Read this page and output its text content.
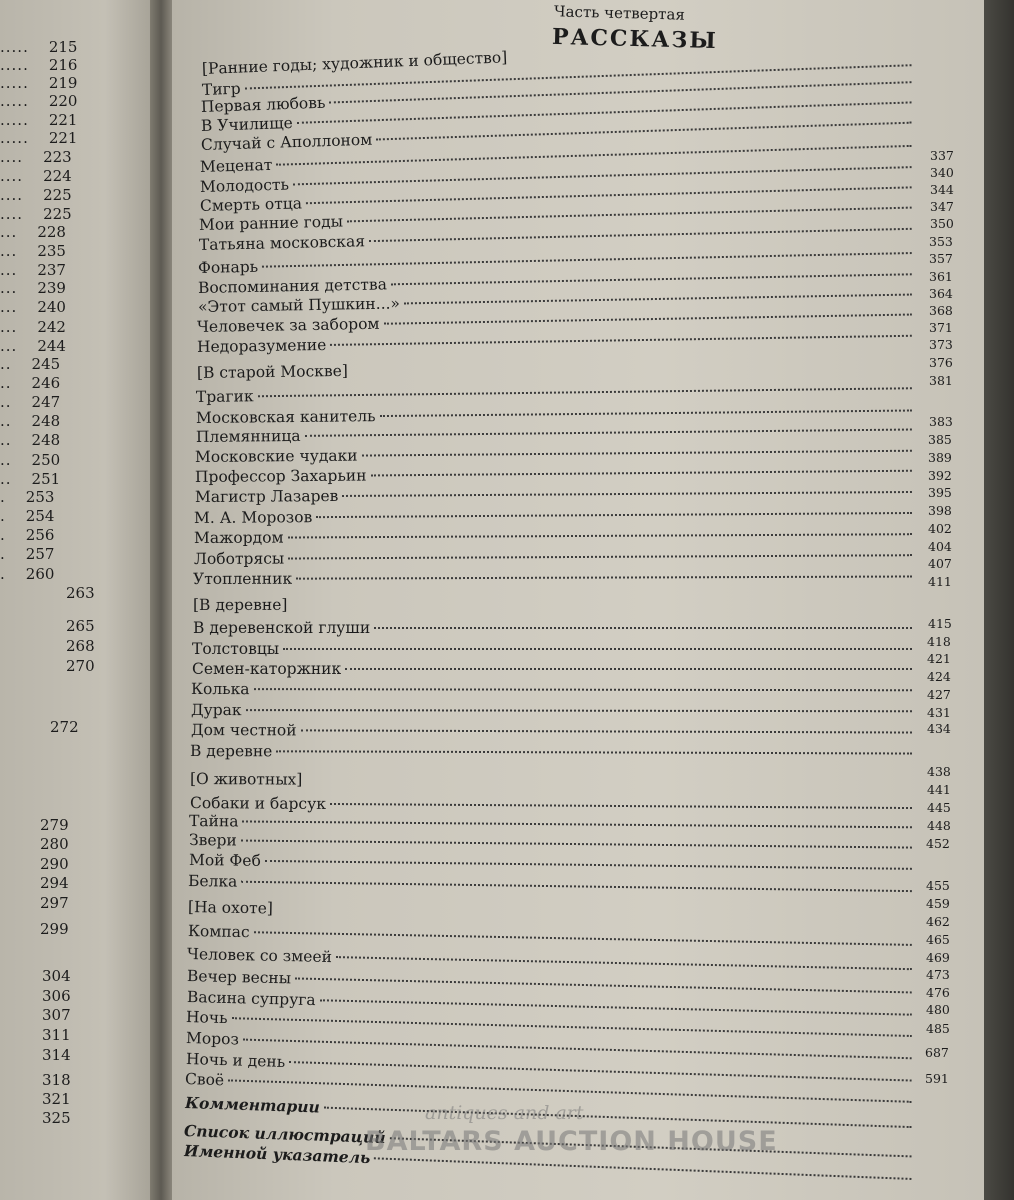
..... 215
..... 216
..... 219
..... 220
..... 221
..... 221
.... 223
.... 224
.... 225
.... 225
... 228
... 235
... 237
... 239
... 240
... 242
... 244
.. 245
.. 246
.. 247
.. 248
.. 248
.. 250
.. 251
. 253
. 254
. 256
. 257
. 260
263
265
268
270
272
279
280
290
294
297
299
304
306
307
311
314
318
321
325
Часть четвертая
РАССКАЗЫ
[Ранние годы; художник и общество]
Тигр
Первая любовь
В Училище
Случай с Аполлоном
Меценат
Молодость
Смерть отца
Мои ранние годы
Татьяна московская
Фонарь
Воспоминания детства
«Этот самый Пушкин...»
Человечек за забором
Недоразумение
[В старой Москве]
Трагик
Московская канитель
Племянница
Московские чудаки
Профессор Захарьин
Магистр Лазарев
М. А. Морозов
Мажордом
Лоботрясы
Утопленник
[В деревне]
В деревенской глуши
Толстовцы
Семен-каторжник
Колька
Дурак
Дом честной
В деревне
[О животных]
Собаки и барсук
Тайна
Звери
Мой Феб
Белка
[На охоте]
Компас
Человек со змеей
Вечер весны
Васина супруга
Ночь
Мороз
Ночь и день
Своё
Комментарии
Список иллюстраций
Именной указатель
337
340
344
347
350
353
357
361
364
368
371
373
376
381
383
385
389
392
395
398
402
404
407
411
415
418
421
424
427
431
434
438
441
445
448
452
455
459
462
465
469
473
476
480
485
687
591
antiques and art
BALTARS AUCTION HOUSE
